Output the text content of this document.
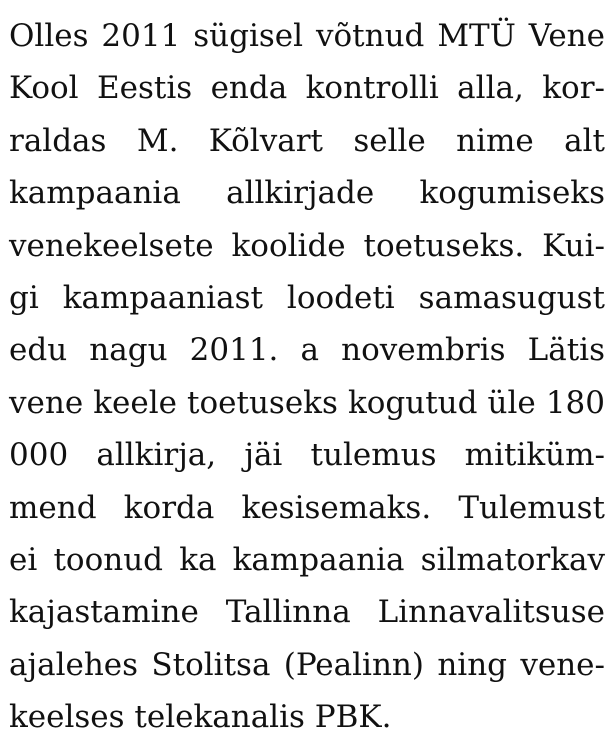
Olles 2011 sügisel võtnud MTÜ Vene
Kool Eestis enda kontrolli alla, kor-
raldas M. Kõlvart selle nime alt
kampaania allkirjade kogumiseks
venekeelsete koolide toetuseks. Kui-
gi kampaaniast loodeti samasugust
edu nagu 2011. a novembris Lätis
vene keele toetuseks kogutud üle 180
000 allkirja, jäi tulemus mitiküm-
mend korda kesisemaks. Tulemust
ei toonud ka kampaania silmatorkav
kajastamine Tallinna Linnavalitsuse
ajalehes Stolitsa (Pealinn) ning vene-
keelses telekanalis PBK.
